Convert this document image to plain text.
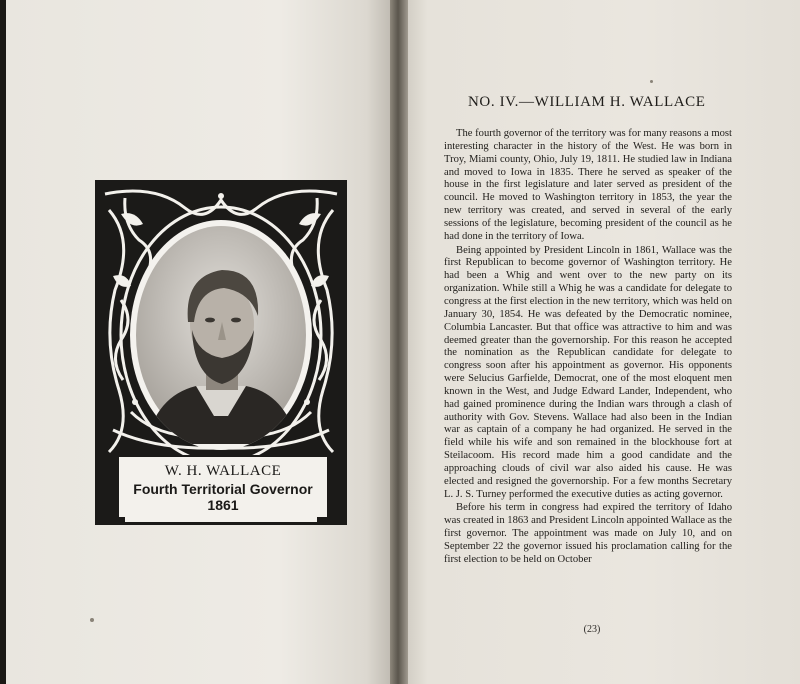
W. H. WALLACE
Fourth Territorial Governor
1861
NO. IV.—WILLIAM H. WALLACE

The fourth governor of the territory was for many reasons a most interesting character in the history of the West. He was born in Troy, Miami county, Ohio, July 19, 1811. He studied law in Indiana and moved to Iowa in 1835. There he served as speaker of the house in the first legislature and later served as president of the council. He moved to Washington territory in 1853, the year the new territory was created, and served in several of the early sessions of the legislature, becoming president of the council as he had done in the territory of Iowa.

Being appointed by President Lincoln in 1861, Wallace was the first Republican to become governor of Washington territory. He had been a Whig and went over to the new party on its organization. While still a Whig he was a candidate for delegate to congress at the first election in the new territory, which was held on January 30, 1854. He was defeated by the Democratic nominee, Columbia Lancaster. But that office was attractive to him and was deemed greater than the governorship. For this reason he accepted the nomination as the Republican candidate for delegate to congress soon after his appointment as governor. His opponents were Selucius Garfielde, Democrat, one of the most eloquent men known in the West, and Judge Edward Lander, Independent, who had gained prominence during the Indian wars through a clash of authority with Gov. Stevens. Wallace had also been in the Indian war as captain of a company he had organized. He served in the field while his wife and son remained in the blockhouse fort at Steilacoom. His record made him a good candidate and the approaching clouds of civil war also aided his cause. He was elected and resigned the governorship. For a few months Secretary L. J. S. Turney performed the executive duties as acting governor.

Before his term in congress had expired the territory of Idaho was created in 1863 and President Lincoln appointed Wallace as the first governor. The appointment was made on July 10, and on September 22 the governor issued his proclamation calling for the first election to be held on October

(23)
